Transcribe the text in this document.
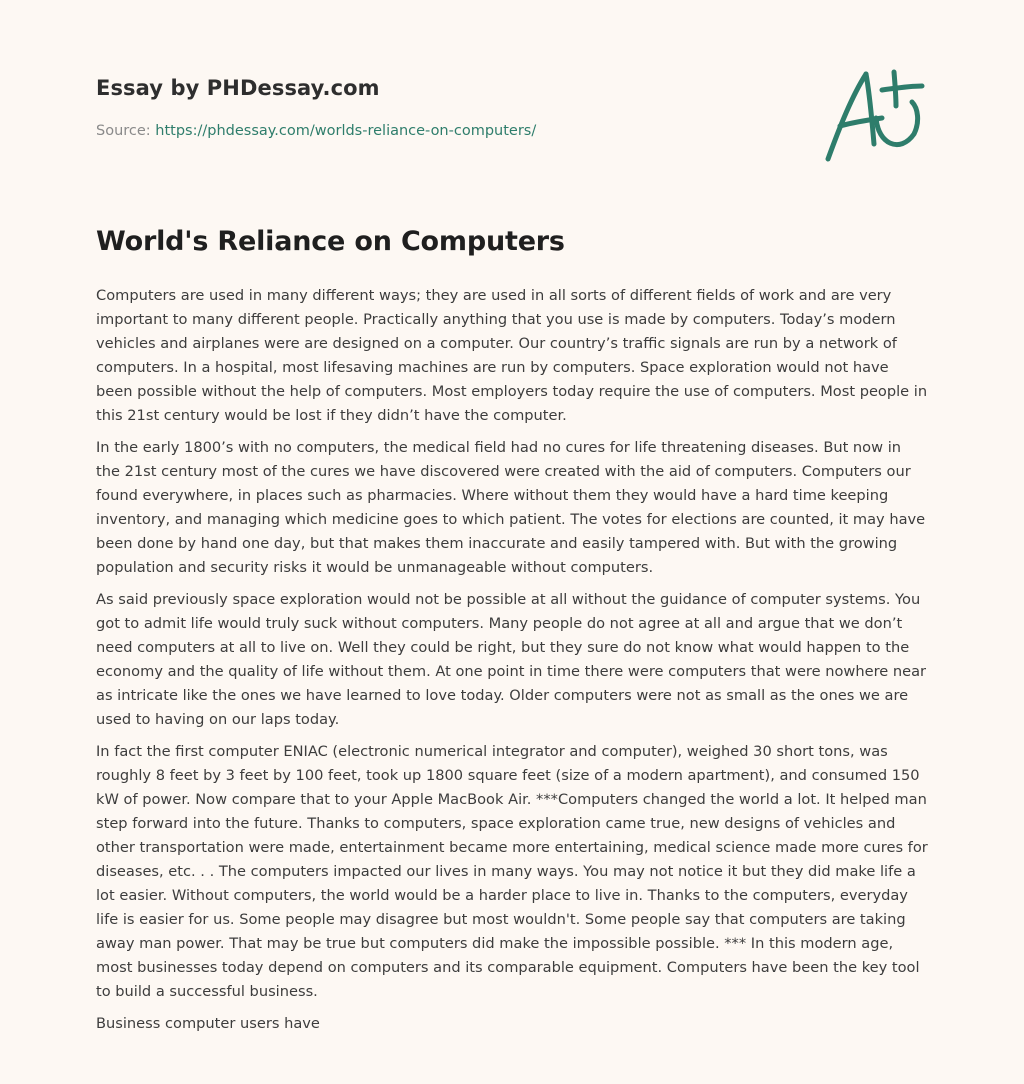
Essay by PHDessay.com

Source: https://phdessay.com/worlds-reliance-on-computers/

World's Reliance on Computers

Computers are used in many different ways; they are used in all sorts of different fields of work and are very important to many different people. Practically anything that you use is made by computers. Today’s modern vehicles and airplanes were are designed on a computer. Our country’s traffic signals are run by a network of computers. In a hospital, most lifesaving machines are run by computers. Space exploration would not have been possible without the help of computers. Most employers today require the use of computers. Most people in this 21st century would be lost if they didn’t have the computer.

In the early 1800’s with no computers, the medical field had no cures for life threatening diseases. But now in the 21st century most of the cures we have discovered were created with the aid of computers. Computers our found everywhere, in places such as pharmacies. Where without them they would have a hard time keeping inventory, and managing which medicine goes to which patient. The votes for elections are counted, it may have been done by hand one day, but that makes them inaccurate and easily tampered with. But with the growing population and security risks it would be unmanageable without computers.

As said previously space exploration would not be possible at all without the guidance of computer systems. You got to admit life would truly suck without computers. Many people do not agree at all and argue that we don’t need computers at all to live on. Well they could be right, but they sure do not know what would happen to the economy and the quality of life without them. At one point in time there were computers that were nowhere near as intricate like the ones we have learned to love today. Older computers were not as small as the ones we are used to having on our laps today.

In fact the first computer ENIAC (electronic numerical integrator and computer), weighed 30 short tons, was roughly 8 feet by 3 feet by 100 feet, took up 1800 square feet (size of a modern apartment), and consumed 150 kW of power. Now compare that to your Apple MacBook Air. ***Computers changed the world a lot. It helped man step forward into the future. Thanks to computers, space exploration came true, new designs of vehicles and other transportation were made, entertainment became more entertaining, medical science made more cures for diseases, etc. . . The computers impacted our lives in many ways. You may not notice it but they did make life a lot easier. Without computers, the world would be a harder place to live in. Thanks to the computers, everyday life is easier for us. Some people may disagree but most wouldn't. Some people say that computers are taking away man power. That may be true but computers did make the impossible possible. *** In this modern age, most businesses today depend on computers and its comparable equipment. Computers have been the key tool to build a successful business.

Business computer users have
